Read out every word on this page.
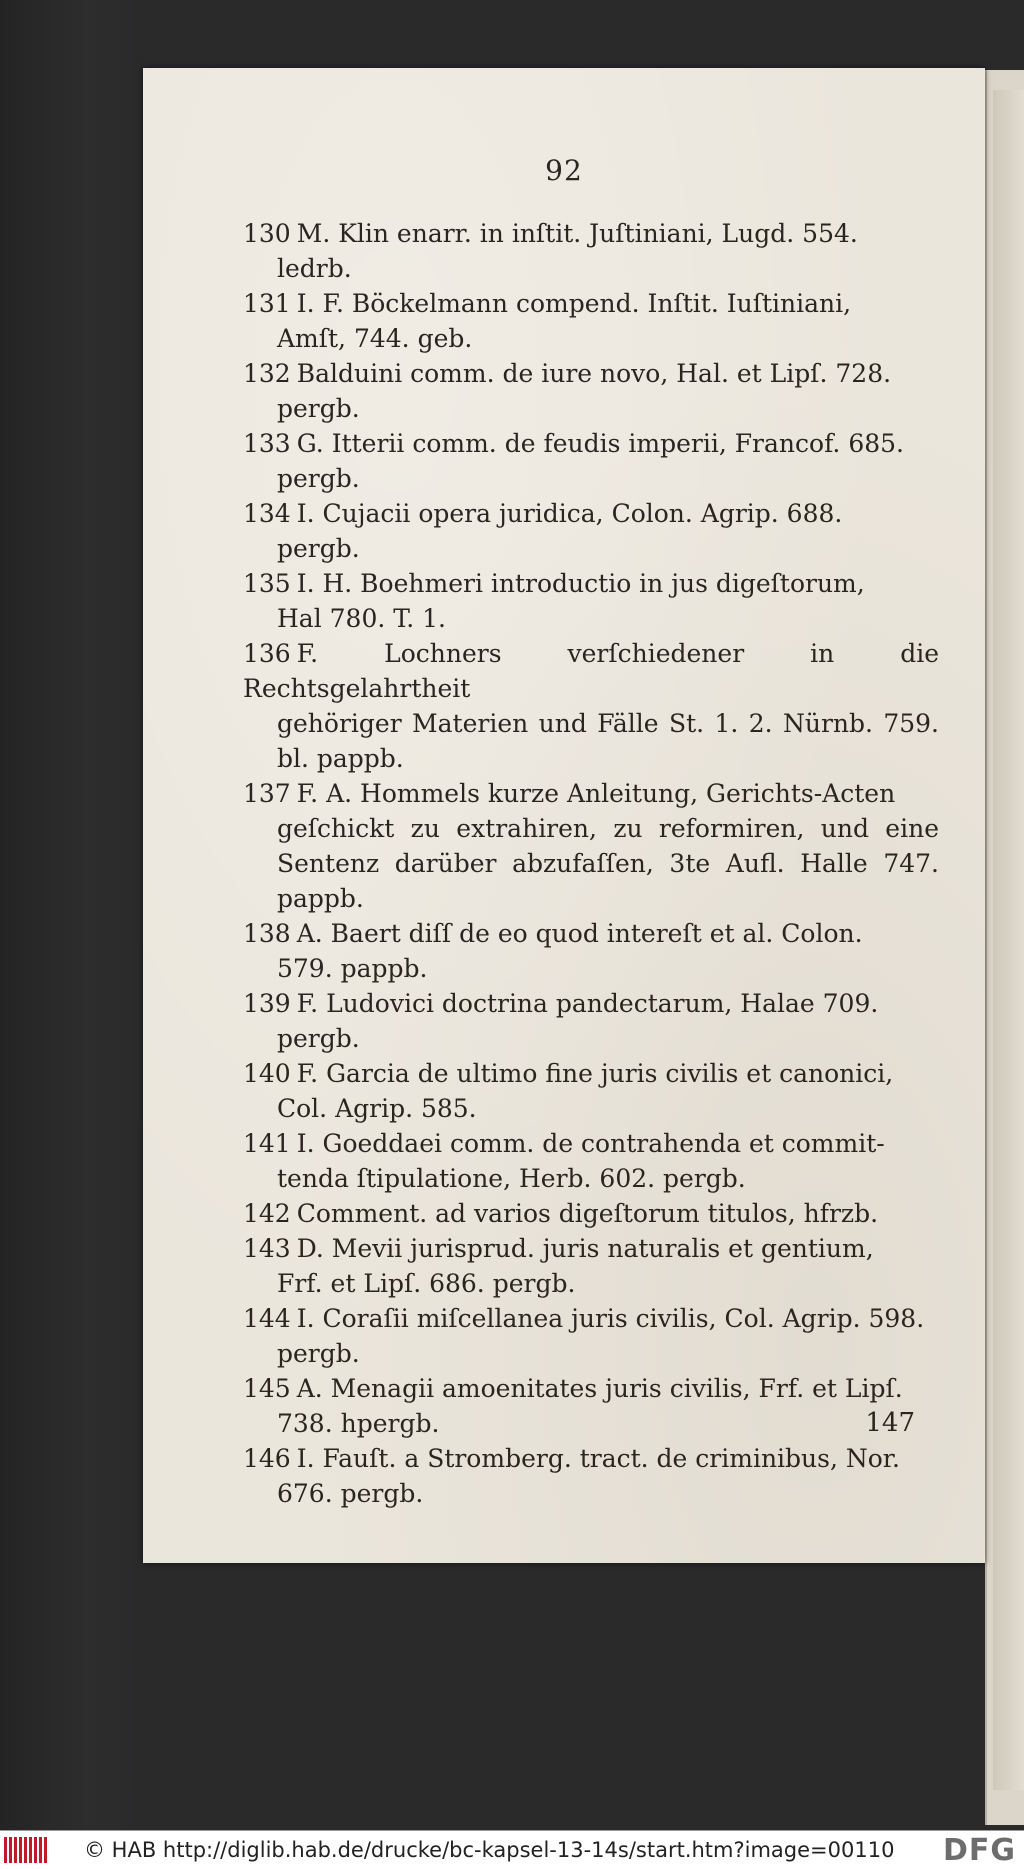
92

130 M. Klin enarr. in inſtit. Juſtiniani, Lugd. 554.
ledrb.

131 I. F. Böckelmann compend. Inſtit. Iuſtiniani,
Amſt, 744. geb.

132 Balduini comm. de iure novo, Hal. et Lipſ. 728.
pergb.

133 G. Itterii comm. de feudis imperii, Francof. 685.
pergb.

134 I. Cujacii opera juridica, Colon. Agrip. 688.
pergb.

135 I. H. Boehmeri introductio in jus digeſtorum,
Hal 780. T. 1.

136 F. Lochners verſchiedener in die Rechtsgelahrtheit
gehöriger Materien und Fälle St. 1. 2. Nürnb. 759. bl. pappb.

137 F. A. Hommels kurze Anleitung, Gerichts-Acten
geſchickt zu extrahiren, zu reformiren, und eine Sentenz darüber abzufaſſen, 3te Aufl. Halle 747. pappb.

138 A. Baert diſſ de eo quod intereſt et al. Colon.
579. pappb.

139 F. Ludovici doctrina pandectarum, Halae 709.
pergb.

140 F. Garcia de ultimo fine juris civilis et canonici,
Col. Agrip. 585.

141 I. Goeddaei comm. de contrahenda et commit-
tenda ſtipulatione, Herb. 602. pergb.

142 Comment. ad varios digeſtorum titulos, hfrzb.

143 D. Mevii jurisprud. juris naturalis et gentium,
Frf. et Lipſ. 686. pergb.

144 I. Coraſii miſcellanea juris civilis, Col. Agrip. 598.
pergb.

145 A. Menagii amoenitates juris civilis, Frf. et Lipſ.
738. hpergb.

146 I. Fauſt. a Stromberg. tract. de criminibus, Nor.
676. pergb.

147
© HAB http://diglib.hab.de/drucke/bc-kapsel-13-14s/start.htm?image=00110 DFG
